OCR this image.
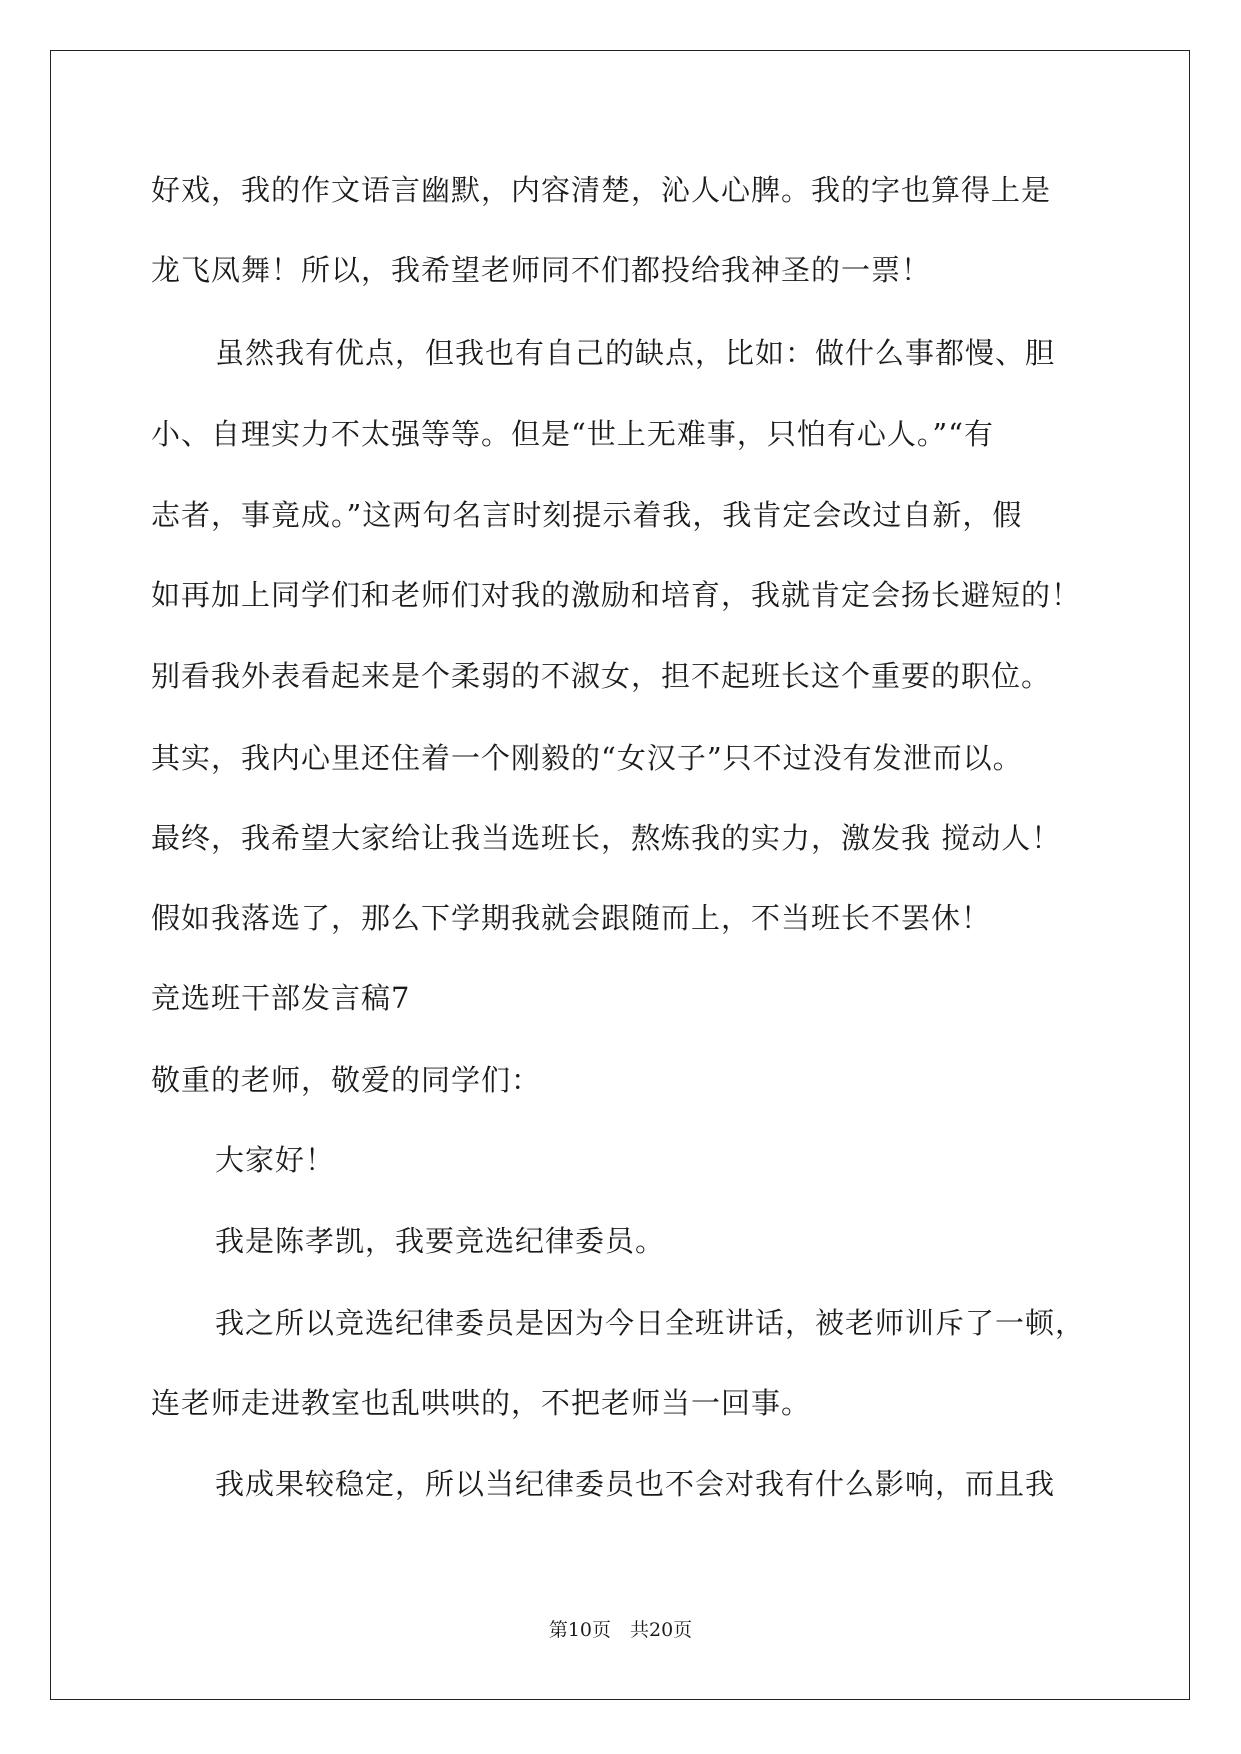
好戏，我的作文语言幽默，内容清楚，沁人心脾。我的字也算得上是
龙飞凤舞！所以，我希望老师同不们都投给我神圣的一票！
虽然我有优点，但我也有自己的缺点，比如：做什么事都慢、胆
小、自理实力不太强等等。但是“世上无难事，只怕有心人。”“有
志者，事竟成。”这两句名言时刻提示着我，我肯定会改过自新，假
如再加上同学们和老师们对我的激励和培育，我就肯定会扬长避短的！
别看我外表看起来是个柔弱的不淑女，担不起班长这个重要的职位。
其实，我内心里还住着一个刚毅的“女汉子”只不过没有发泄而以。
最终，我希望大家给让我当选班长，熬炼我的实力，激发我 搅动人！
假如我落选了，那么下学期我就会跟随而上，不当班长不罢休！
竞选班干部发言稿7
敬重的老师，敬爱的同学们：
大家好！
我是陈孝凯，我要竞选纪律委员。
我之所以竞选纪律委员是因为今日全班讲话，被老师训斥了一顿，
连老师走进教室也乱哄哄的，不把老师当一回事。
我成果较稳定，所以当纪律委员也不会对我有什么影响，而且我
第10页　共20页
